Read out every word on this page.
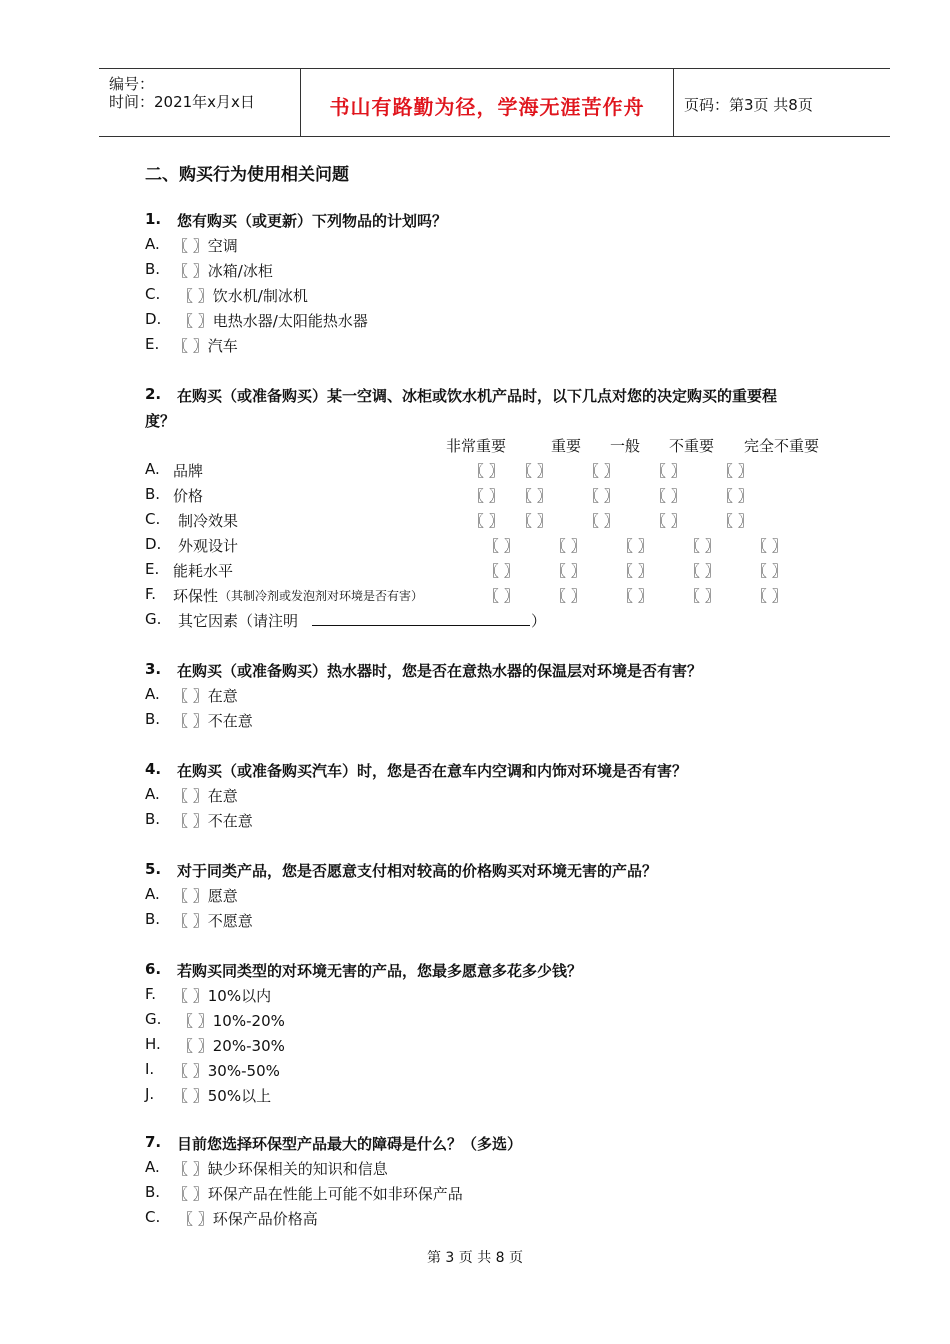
编号：
时间：2021年x月x日	书山有路勤为径，学海无涯苦作舟	页码：第3页 共8页
二、购买行为使用相关问题
1. 您有购买（或更新）下列物品的计划吗？
A. 〖 〗空调
B. 〖 〗冰箱/冰柜
C. 〖 〗饮水机/制冰机
D. 〖 〗电热水器/太阳能热水器
E. 〖 〗汽车
2. 在购买（或准备购买）某一空调、冰柜或饮水机产品时，以下几点对您的决定购买的重要程
度？
非常重要	重要 一般 不重要 完全不重要
A. 品牌	〖 〗 〖 〗 〖 〗 〖 〗 〖 〗
B. 价格	〖 〗 〖 〗 〖 〗 〖 〗 〖 〗
C. 制冷效果	〖 〗 〖 〗 〖 〗 〖 〗 〖 〗
D. 外观设计	〖 〗 〖 〗 〖 〗 〖 〗 〖 〗
E. 能耗水平	〖 〗 〖 〗 〖 〗 〖 〗 〖 〗
F. 环保性 （其制冷剂或发泡剂对环境是否有害）	〖 〗 〖 〗 〖 〗 〖 〗 〖 〗
G. 其它因素（请注明	）
3. 在购买（或准备购买）热水器时，您是否在意热水器的保温层对环境是否有害？
A. 〖 〗在意
B. 〖 〗不在意
4. 在购买（或准备购买汽车）时，您是否在意车内空调和内饰对环境是否有害？
A. 〖 〗在意
B. 〖 〗不在意
5. 对于同类产品，您是否愿意支付相对较高的价格购买对环境无害的产品？
A. 〖 〗愿意
B. 〖 〗不愿意
6. 若购买同类型的对环境无害的产品，您最多愿意多花多少钱？
F. 〖 〗10%以内
G. 〖 〗10%-20%
H. 〖 〗20%-30%
I. 〖 〗30%-50%
J. 〖 〗50%以上
7. 目前您选择环保型产品最大的障碍是什么？（多选）
A. 〖 〗缺少环保相关的知识和信息
B. 〖 〗环保产品在性能上可能不如非环保产品
C. 〖 〗环保产品价格高
第 3 页 共 8 页
